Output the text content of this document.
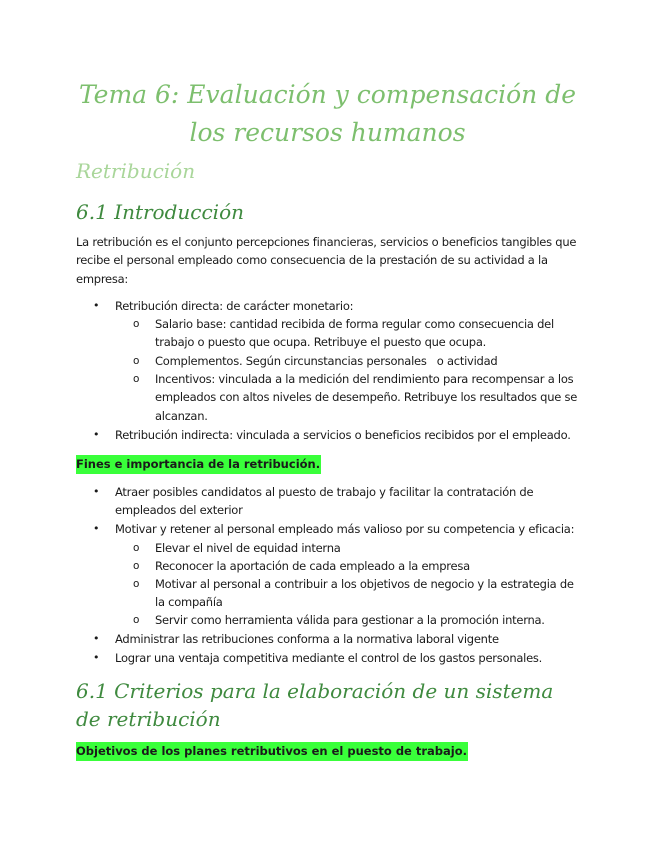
Tema 6: Evaluación y compensación de los recursos humanos
Retribución
6.1 Introducción

La retribución es el conjunto percepciones financieras, servicios o beneficios tangibles que recibe el personal empleado como consecuencia de la prestación de su actividad a la empresa:

• Retribución directa: de carácter monetario:

o Salario base: cantidad recibida de forma regular como consecuencia del trabajo o puesto que ocupa. Retribuye el puesto que ocupa.

o Complementos. Según circunstancias personales   o actividad

o Incentivos: vinculada a la medición del rendimiento para recompensar a los empleados con altos niveles de desempeño. Retribuye los resultados que se alcanzan.

• Retribución indirecta: vinculada a servicios o beneficios recibidos por el empleado.

Fines e importancia de la retribución.

• Atraer posibles candidatos al puesto de trabajo y facilitar la contratación de empleados del exterior

• Motivar y retener al personal empleado más valioso por su competencia y eficacia:

o Elevar el nivel de equidad interna

o Reconocer la aportación de cada empleado a la empresa

o Motivar al personal a contribuir a los objetivos de negocio y la estrategia de la compañía

o Servir como herramienta válida para gestionar a la promoción interna.

• Administrar las retribuciones conforma a la normativa laboral vigente

• Lograr una ventaja competitiva mediante el control de los gastos personales.

6.1 Criterios para la elaboración de un sistema de retribución

Objetivos de los planes retributivos en el puesto de trabajo.
